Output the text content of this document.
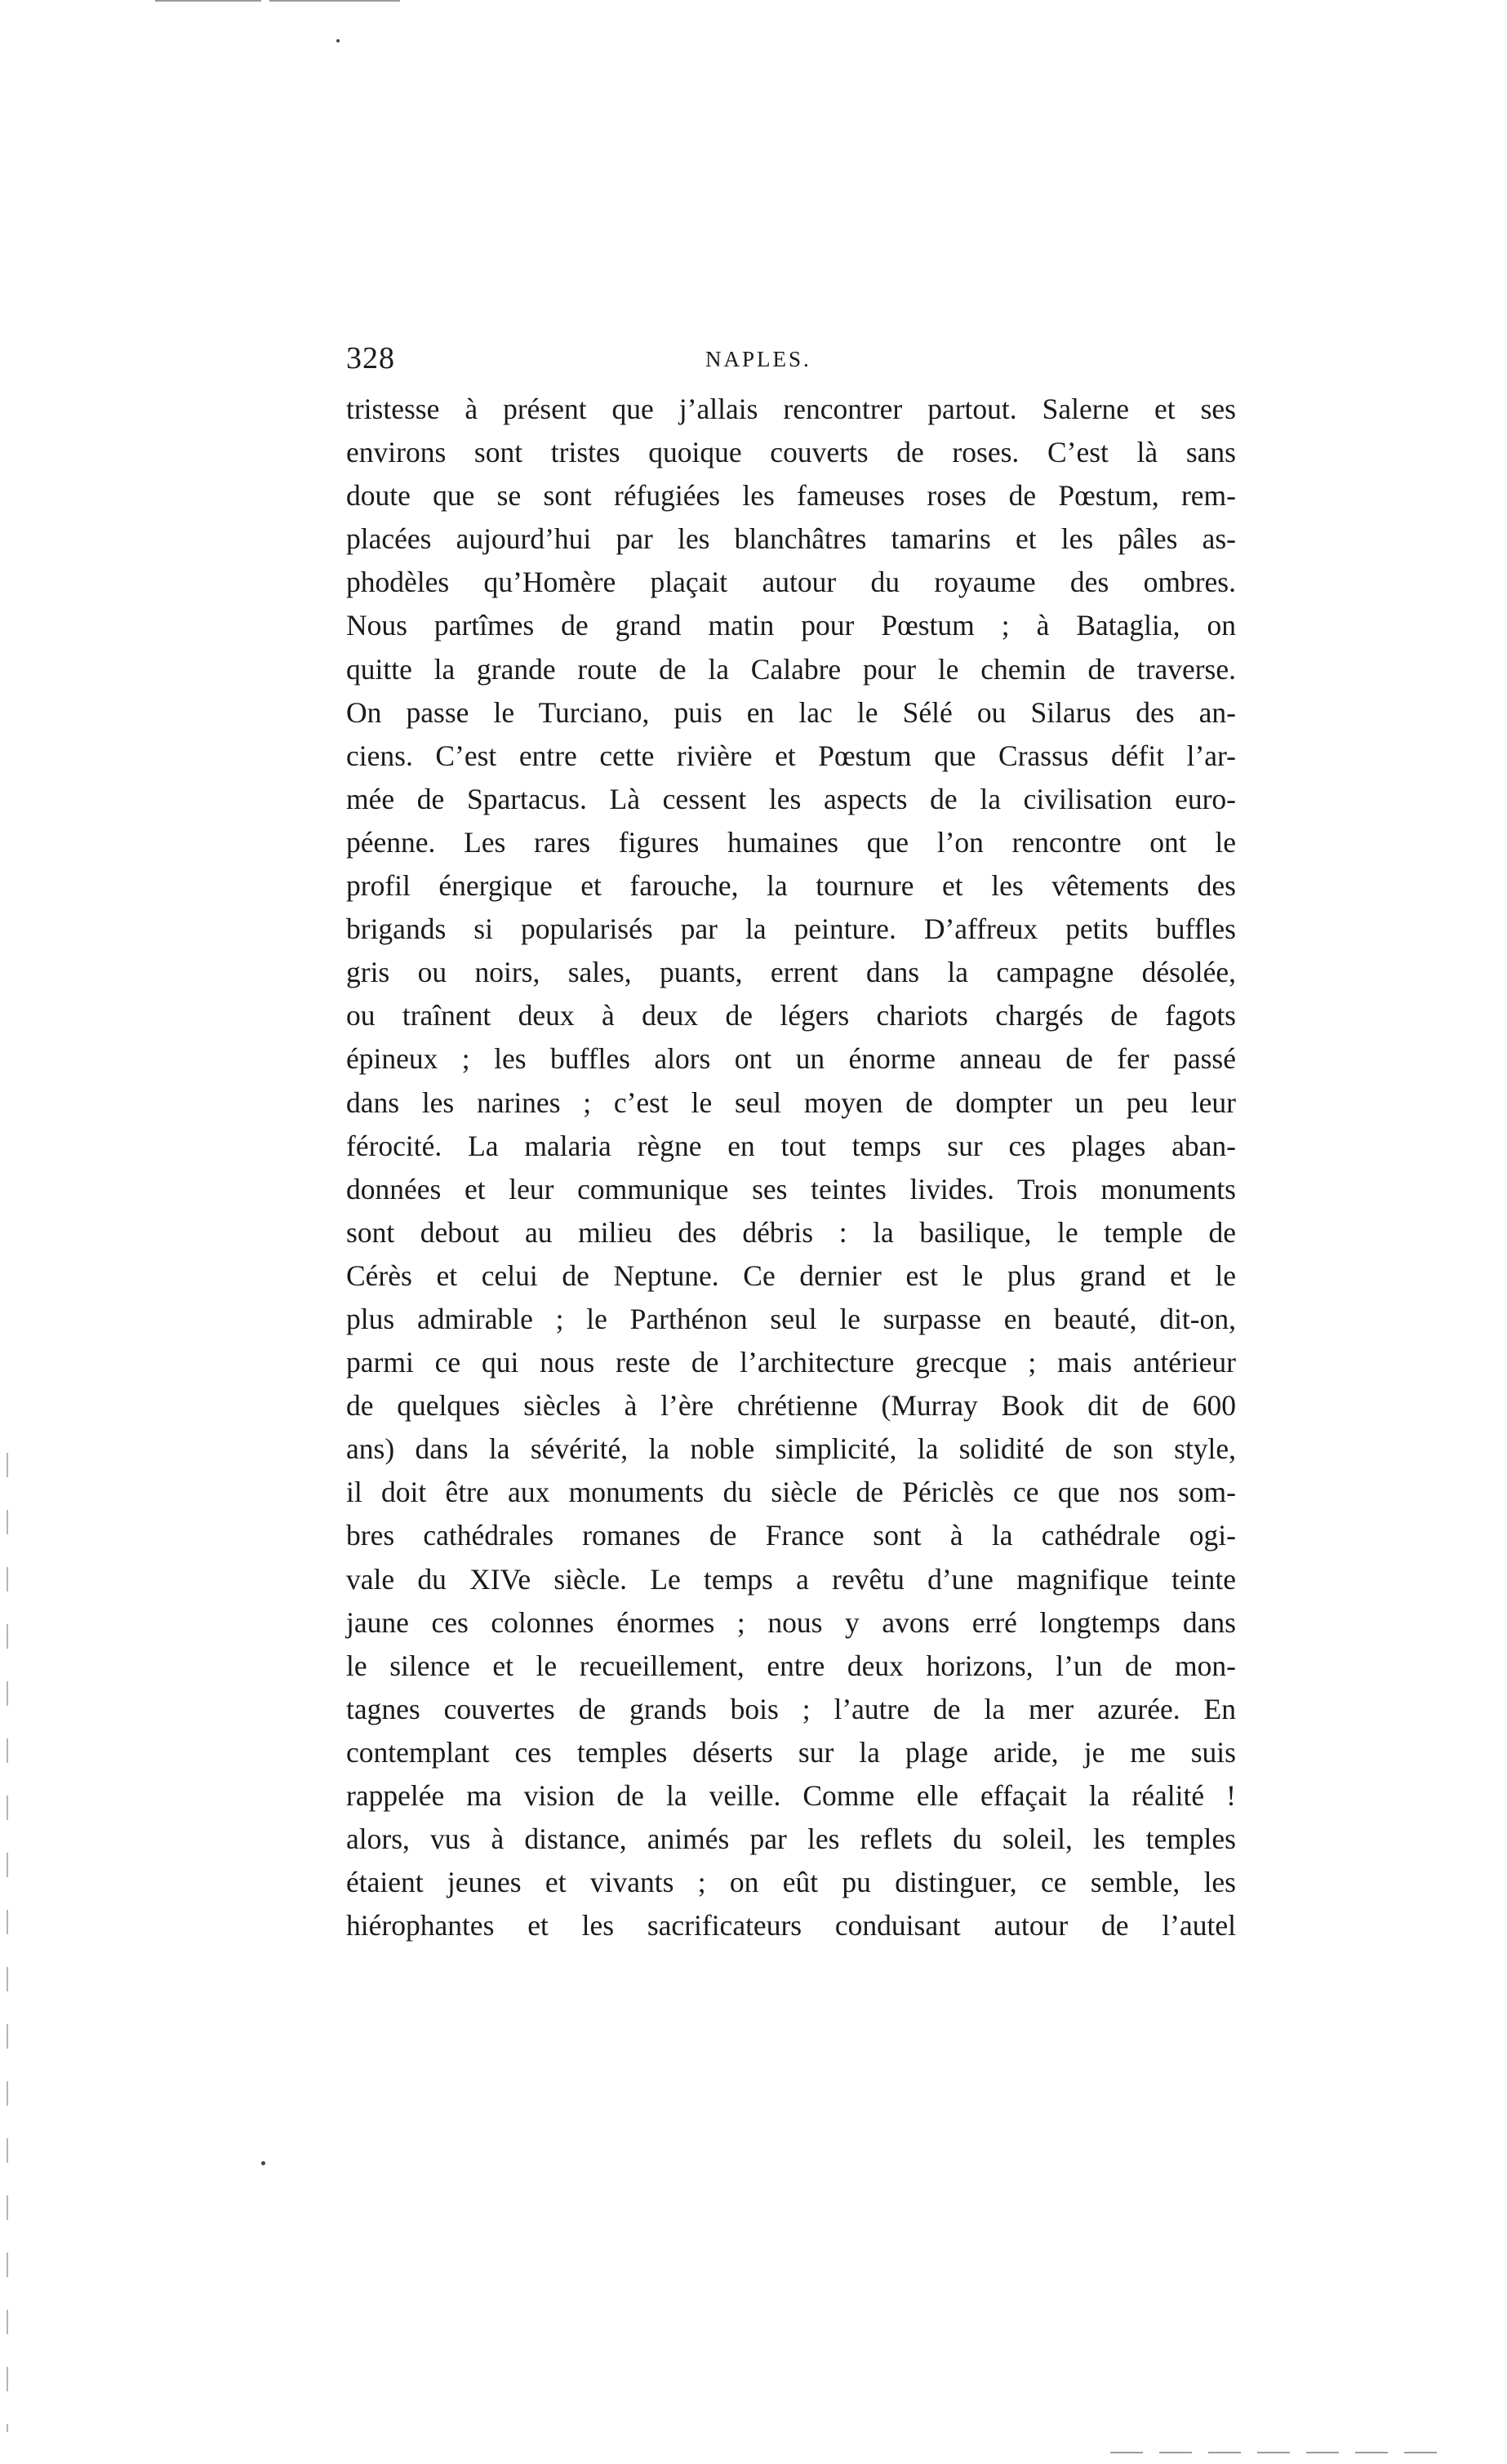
328	NAPLES.
tristesse à présent que j’allais rencontrer partout. Salerne et ses
environs sont tristes quoique couverts de roses. C’est là sans
doute que se sont réfugiées les fameuses roses de Pœstum, rem-
placées aujourd’hui par les blanchâtres tamarins et les pâles as-
phodèles qu’Homère plaçait autour du royaume des ombres.
Nous partîmes de grand matin pour Pœstum ; à Bataglia, on
quitte la grande route de la Calabre pour le chemin de traverse.
On passe le Turciano, puis en lac le Sélé ou Silarus des an-
ciens. C’est entre cette rivière et Pœstum que Crassus défit l’ar-
mée de Spartacus. Là cessent les aspects de la civilisation euro-
péenne. Les rares figures humaines que l’on rencontre ont le
profil énergique et farouche, la tournure et les vêtements des
brigands si popularisés par la peinture. D’affreux petits buffles
gris ou noirs, sales, puants, errent dans la campagne désolée,
ou traînent deux à deux de légers chariots chargés de fagots
épineux ; les buffles alors ont un énorme anneau de fer passé
dans les narines ; c’est le seul moyen de dompter un peu leur
férocité. La malaria règne en tout temps sur ces plages aban-
données et leur communique ses teintes livides. Trois monuments
sont debout au milieu des débris : la basilique, le temple de
Cérès et celui de Neptune. Ce dernier est le plus grand et le
plus admirable ; le Parthénon seul le surpasse en beauté, dit-on,
parmi ce qui nous reste de l’architecture grecque ; mais antérieur
de quelques siècles à l’ère chrétienne (Murray Book dit de 600
ans) dans la sévérité, la noble simplicité, la solidité de son style,
il doit être aux monuments du siècle de Périclès ce que nos som-
bres cathédrales romanes de France sont à la cathédrale ogi-
vale du XIVe siècle. Le temps a revêtu d’une magnifique teinte
jaune ces colonnes énormes ; nous y avons erré longtemps dans
le silence et le recueillement, entre deux horizons, l’un de mon-
tagnes couvertes de grands bois ; l’autre de la mer azurée. En
contemplant ces temples déserts sur la plage aride, je me suis
rappelée ma vision de la veille. Comme elle effaçait la réalité !
alors, vus à distance, animés par les reflets du soleil, les temples
étaient jeunes et vivants ; on eût pu distinguer, ce semble, les
hiérophantes et les sacrificateurs conduisant autour de l’autel
